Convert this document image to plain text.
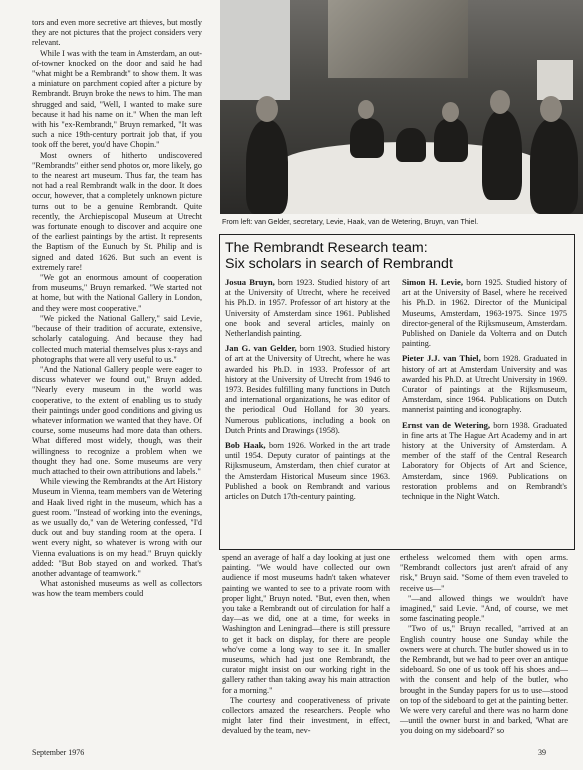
tors and even more secretive art thieves, but mostly they are not pictures that the project considers very relevant.

While I was with the team in Amsterdam, an out-of-towner knocked on the door and said he had "what might be a Rembrandt" to show them. It was a miniature on parchment copied after a picture by Rembrandt. Bruyn broke the news to him. The man shrugged and said, "Well, I wanted to make sure because it had his name on it." When the man left with his "ex-Rembrandt," Bruyn remarked, "It was such a nice 19th-century portrait job that, if you took off the beret, you'd have Chopin."

Most owners of hitherto undiscovered "Rembrandts" either send photos or, more likely, go to the nearest art museum. Thus far, the team has not had a real Rembrandt walk in the door. It does occur, however, that a completely unknown picture turns out to be a genuine Rembrandt. Quite recently, the Archiepiscopal Museum at Utrecht was fortunate enough to discover and acquire one of the earliest paintings by the artist. It represents the Baptism of the Eunuch by St. Philip and is signed and dated 1626. But such an event is extremely rare!

"We got an enormous amount of cooperation from museums," Bruyn remarked. "We started not at home, but with the National Gallery in London, and they were most cooperative."

"We picked the National Gallery," said Levie, "because of their tradition of accurate, extensive, scholarly cataloguing. And because they had collected much material themselves plus x-rays and photographs that were all very useful to us."

"And the National Gallery people were eager to discuss whatever we found out," Bruyn added. "Nearly every museum in the world was cooperative, to the extent of enabling us to study their paintings under good conditions and giving us whatever information we wanted that they have. Of course, some museums had more data than others. What differed most widely, though, was their willingness to recognize a problem when we thought they had one. Some museums are very much attached to their own attributions and labels."

While viewing the Rembrandts at the Art History Museum in Vienna, team members van de Wetering and Haak lived right in the museum, which has a guest room. "Instead of working into the evenings, as we usually do," van de Wetering confessed, "I'd duck out and buy standing room at the opera. I went every night, so whatever is wrong with our Vienna evaluations is on my head." Bruyn quickly added: "But Bob stayed on and worked. That's another advantage of teamwork."

What astonished museums as well as collectors was how the team members could

From left: van Gelder, secretary, Levie, Haak, van de Wetering, Bruyn, van Thiel.
The Rembrandt Research team:
Six scholars in search of Rembrandt

Josua Bruyn, born 1923. Studied history of art at the University of Utrecht, where he received his Ph.D. in 1957. Professor of art history at the University of Amsterdam since 1961. Published one book and several articles, mainly on Netherlandish painting.

Jan G. van Gelder, born 1903. Studied history of art at the University of Utrecht, where he was awarded his Ph.D. in 1933. Professor of art history at the University of Utrecht from 1946 to 1973. Besides fulfilling many functions in Dutch and international organizations, he was editor of the periodical Oud Holland for 30 years. Numerous publications, including a book on Dutch Prints and Drawings (1958).

Bob Haak, born 1926. Worked in the art trade until 1954. Deputy curator of paintings at the Rijksmuseum, Amsterdam, then chief curator at the Amsterdam Historical Museum since 1963. Published a book on Rembrandt and various articles on Dutch 17th-century painting.

Simon H. Levie, born 1925. Studied history of art at the University of Basel, where he received his Ph.D. in 1962. Director of the Municipal Museums, Amsterdam, 1963-1975. Since 1975 director-general of the Rijksmuseum, Amsterdam. Published on Daniele da Volterra and on Dutch painting.

Pieter J.J. van Thiel, born 1928. Graduated in history of art at Amsterdam University and was awarded his Ph.D. at Utrecht University in 1969. Curator of paintings at the Rijksmuseum, Amsterdam, since 1964. Publications on Dutch mannerist painting and iconography.

Ernst van de Wetering, born 1938. Graduated in fine arts at The Hague Art Academy and in art history at the University of Amsterdam. A member of the staff of the Central Research Laboratory for Objects of Art and Science, Amsterdam, since 1969. Publications on restoration problems and on Rembrandt's technique in the Night Watch.

spend an average of half a day looking at just one painting. "We would have collected our own audience if most museums hadn't taken whatever painting we wanted to see to a private room with proper light," Bruyn noted. "But, even then, when you take a Rembrandt out of circulation for half a day—as we did, one at a time, for weeks in Washington and Leningrad—there is still pressure to get it back on display, for there are people who've come a long way to see it. In smaller museums, which had just one Rembrandt, the curator might insist on our working right in the gallery rather than taking away his main attraction for a morning."

The courtesy and cooperativeness of private collectors amazed the researchers. People who might later find their investment, in effect, devalued by the team, nev-

ertheless welcomed them with open arms. "Rembrandt collectors just aren't afraid of any risk," Bruyn said. "Some of them even traveled to receive us—"

"—and allowed things we wouldn't have imagined," said Levie. "And, of course, we met some fascinating people."

"Two of us," Bruyn recalled, "arrived at an English country house one Sunday while the owners were at church. The butler showed us in to the Rembrandt, but we had to peer over an antique sideboard. So one of us took off his shoes and—with the consent and help of the butler, who brought in the Sunday papers for us to use—stood on top of the sideboard to get at the painting better. We were very careful and there was no harm done—until the owner burst in and barked, 'What are you doing on my sideboard?' so

September 1976	39
